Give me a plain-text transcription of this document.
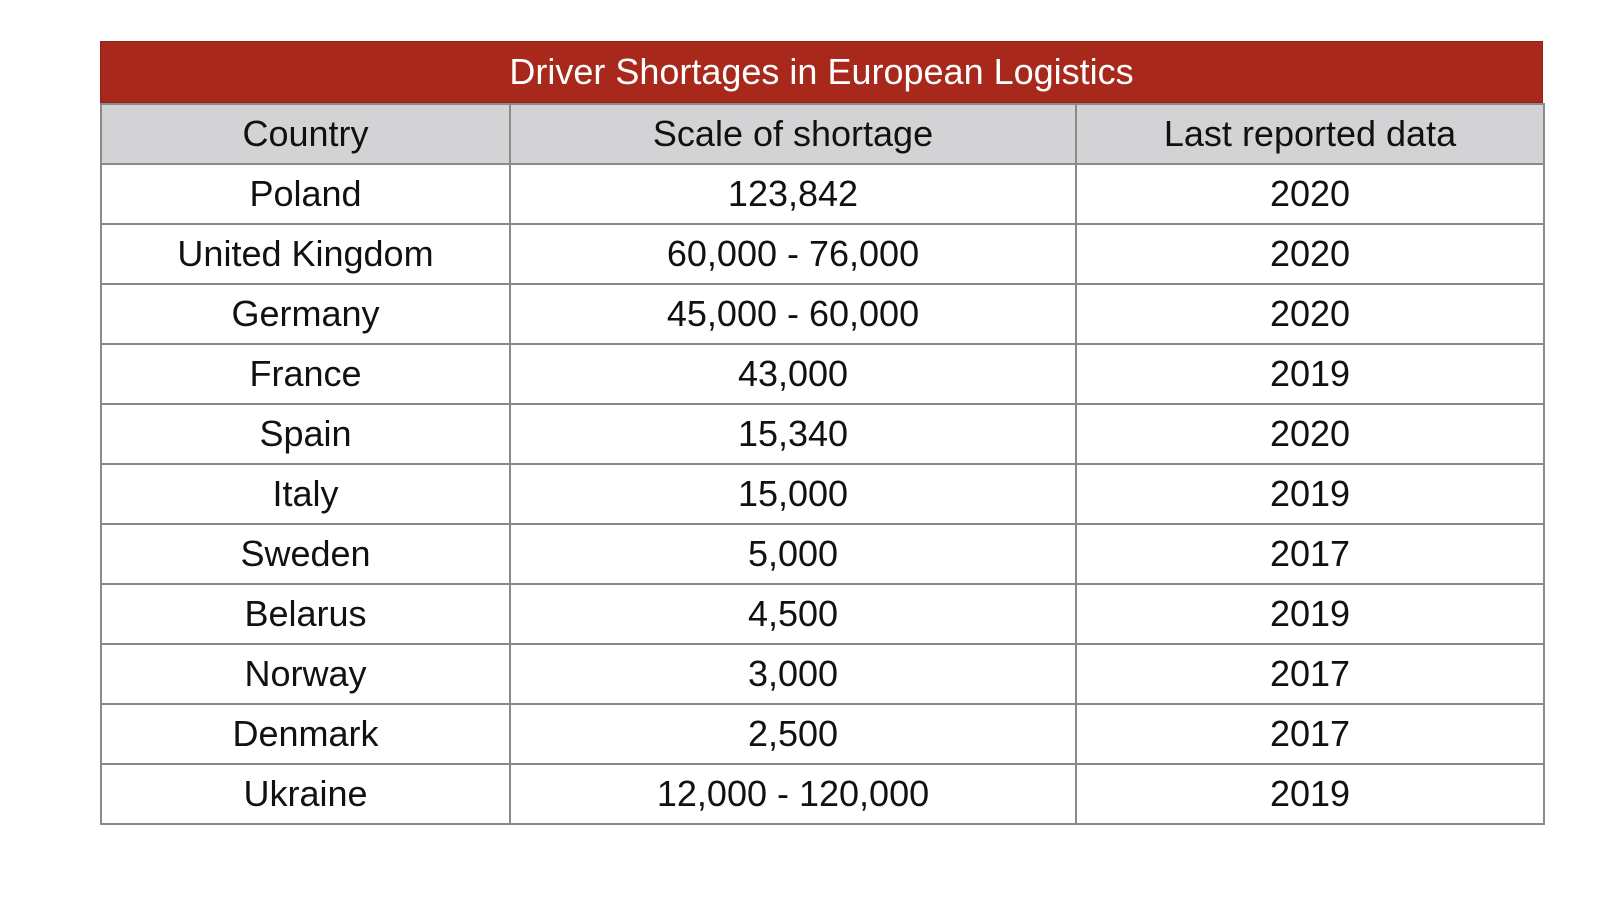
Driver Shortages in European Logistics
Country	Scale of shortage	Last reported data
Poland	123,842	2020
United Kingdom	60,000 - 76,000	2020
Germany	45,000 - 60,000	2020
France	43,000	2019
Spain	15,340	2020
Italy	15,000	2019
Sweden	5,000	2017
Belarus	4,500	2019
Norway	3,000	2017
Denmark	2,500	2017
Ukraine	12,000 - 120,000	2019
